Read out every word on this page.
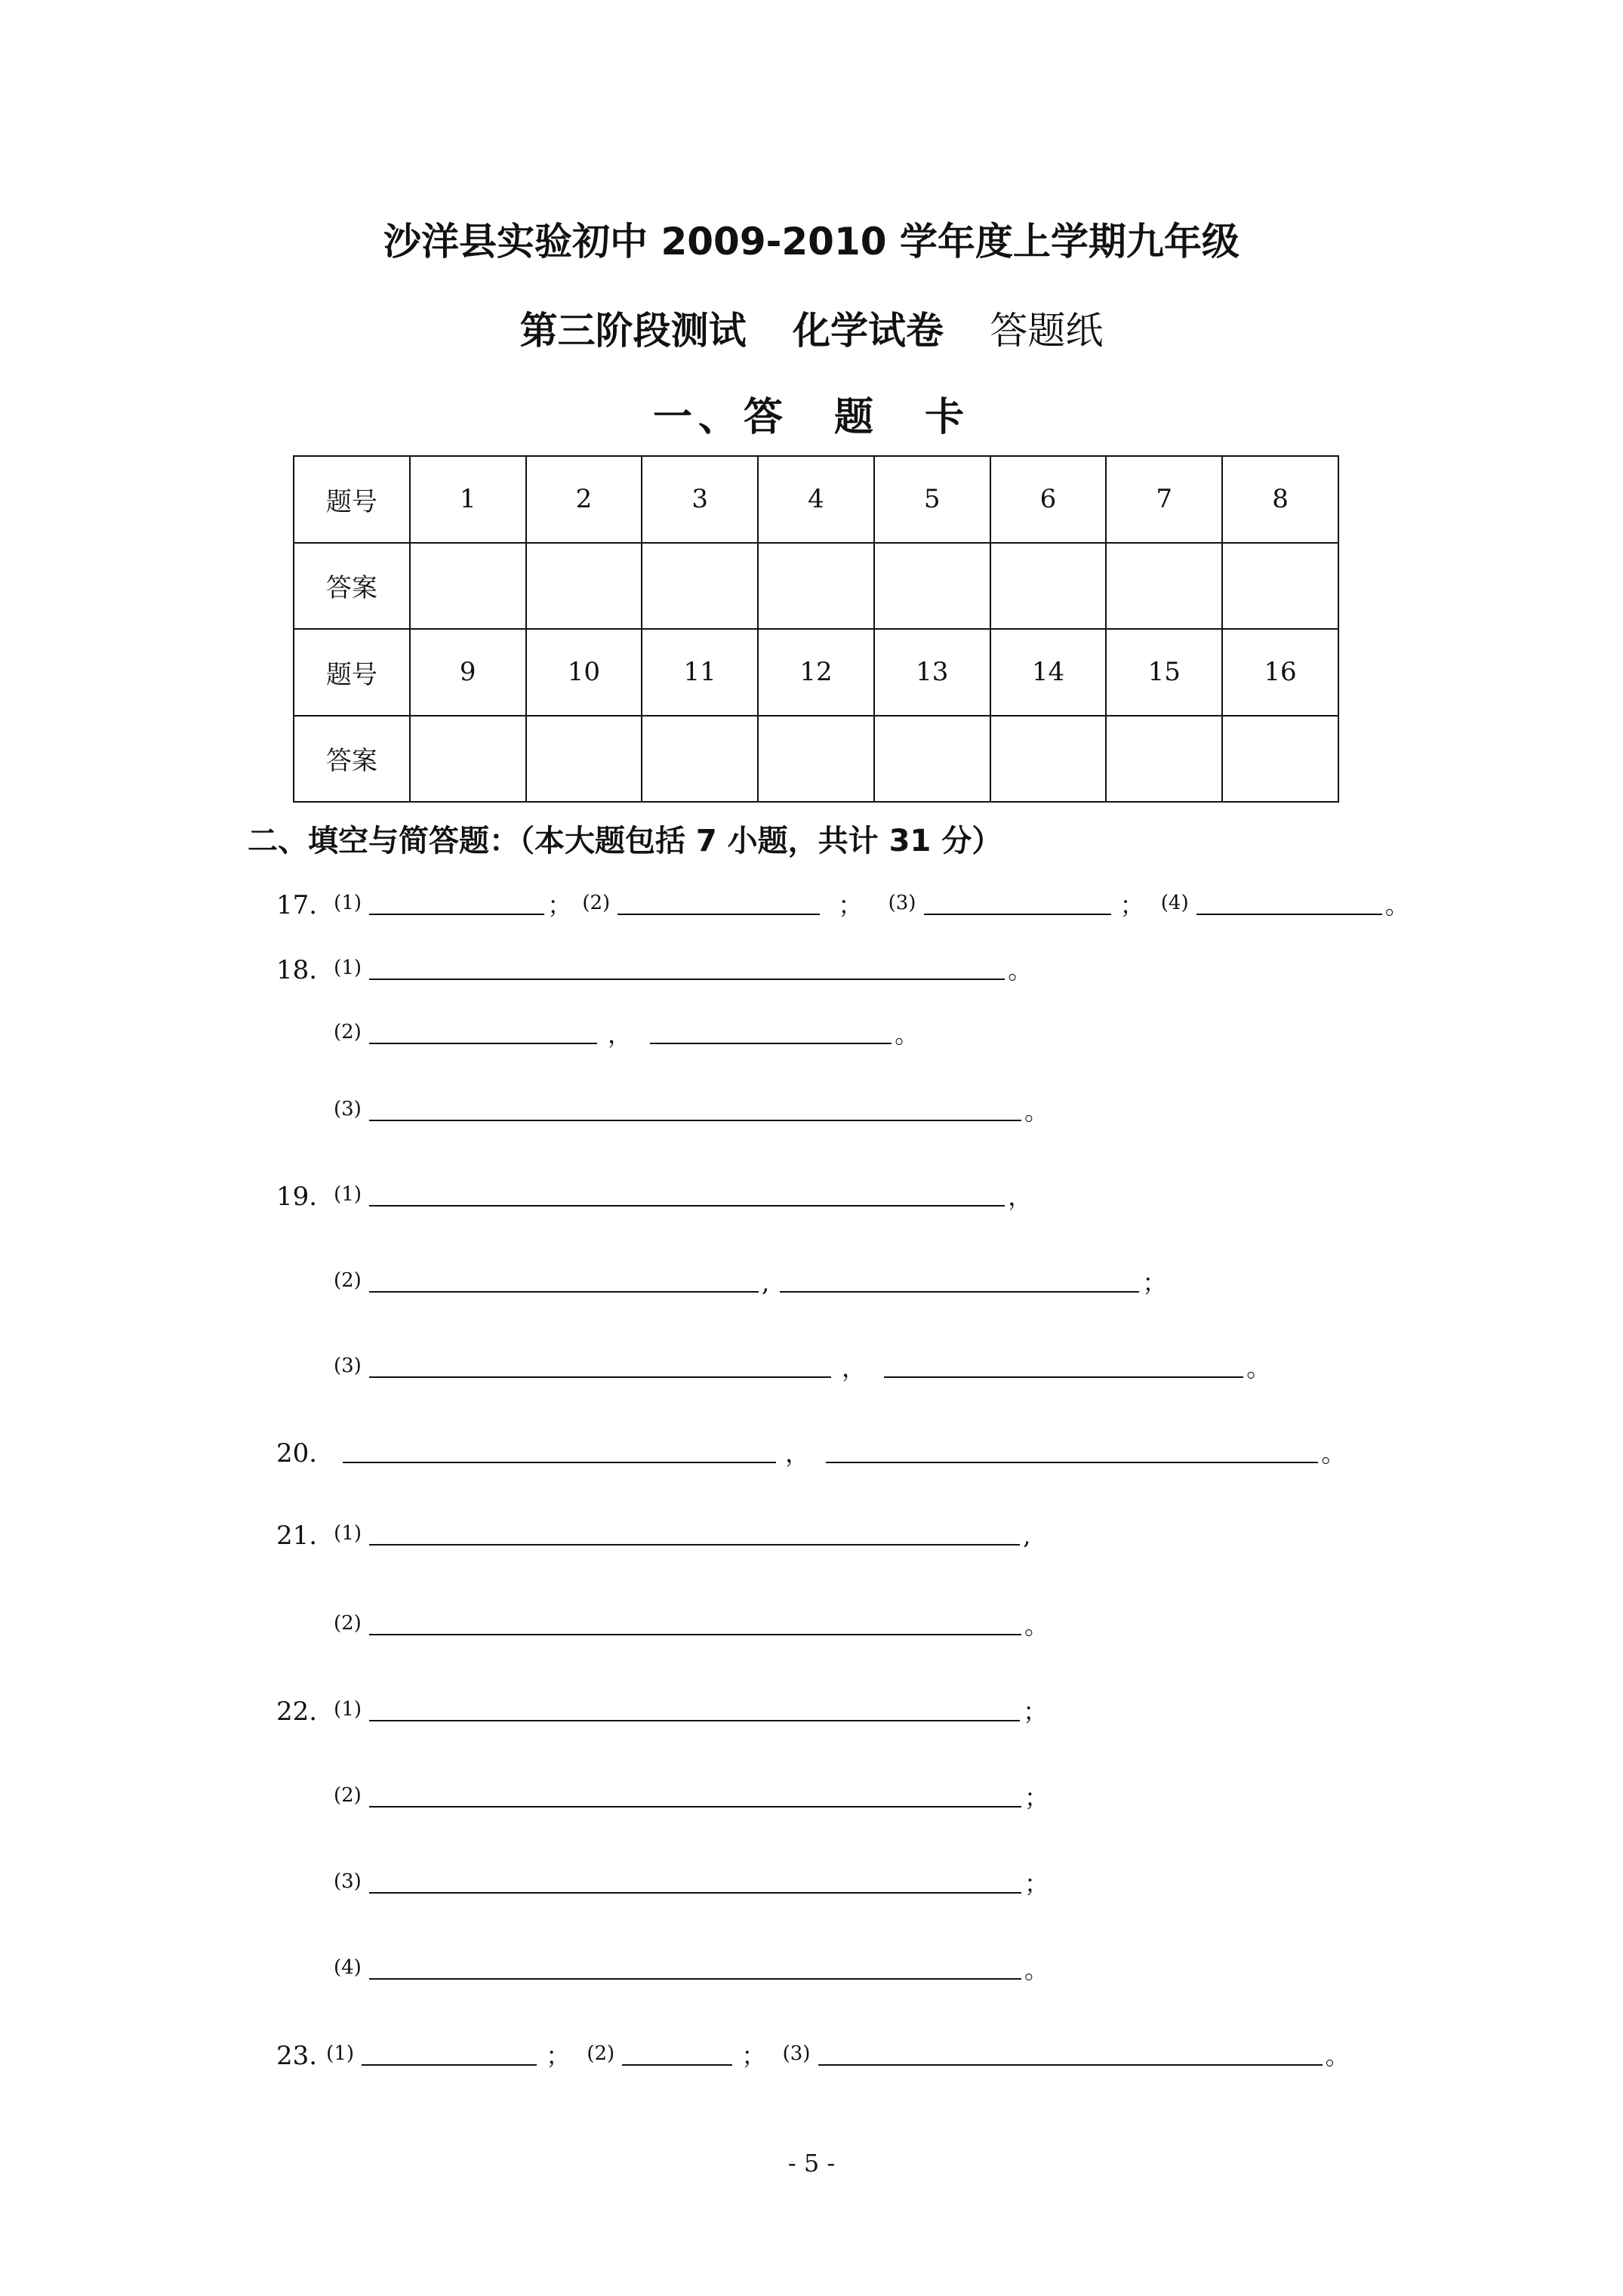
沙洋县实验初中 2009-2010 学年度上学期九年级
第三阶段测试 化学试卷 答题纸
一、答　题　卡
题号	1	2	3	4	5	6	7	8
答案								
题号	9	10	11	12	13	14	15	16
答案								
二、填空与简答题：（本大题包括 7 小题，共计 31 分）
17. (1)	； (2)	； (3)	； (4)	。
18. (1)	。
(2)	，	。
(3)	。
19. (1)	，
(2)	,	；
(3)	，	。
20.	，	。
21. (1)	,
(2)	。
22. (1)	；
(2)	；
(3)	；
(4)	。
23. (1)	； (2)	； (3)	。
- 5 -
